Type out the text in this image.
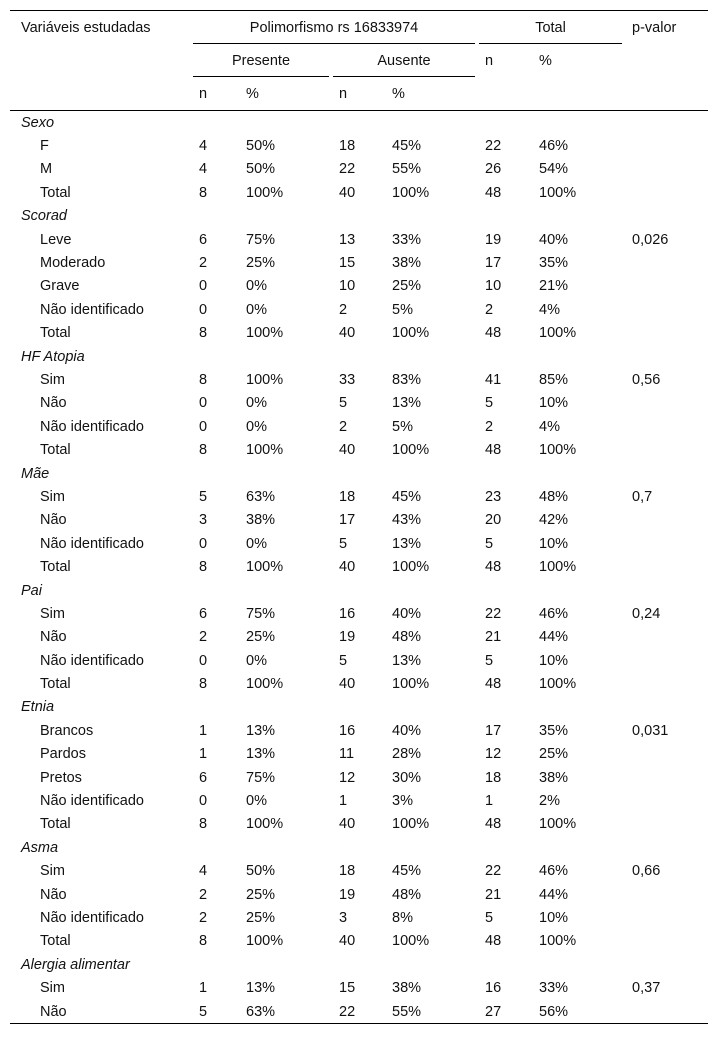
Variáveis estudadas	Polimorfismo rs 16833974				Total		p-valor
	Presente		Ausente		n	%	
	n	%	n	%			
Sexo							
F	4	50%	18	45%	22	46%	
M	4	50%	22	55%	26	54%	
Total	8	100%	40	100%	48	100%	
Scorad							
Leve	6	75%	13	33%	19	40%	0,026
Moderado	2	25%	15	38%	17	35%	
Grave	0	0%	10	25%	10	21%	
Não identificado	0	0%	2	5%	2	4%	
Total	8	100%	40	100%	48	100%	
HF Atopia							
Sim	8	100%	33	83%	41	85%	0,56
Não	0	0%	5	13%	5	10%	
Não identificado	0	0%	2	5%	2	4%	
Total	8	100%	40	100%	48	100%	
Mãe							
Sim	5	63%	18	45%	23	48%	0,7
Não	3	38%	17	43%	20	42%	
Não identificado	0	0%	5	13%	5	10%	
Total	8	100%	40	100%	48	100%	
Pai							
Sim	6	75%	16	40%	22	46%	0,24
Não	2	25%	19	48%	21	44%	
Não identificado	0	0%	5	13%	5	10%	
Total	8	100%	40	100%	48	100%	
Etnia							
Brancos	1	13%	16	40%	17	35%	0,031
Pardos	1	13%	11	28%	12	25%	
Pretos	6	75%	12	30%	18	38%	
Não identificado	0	0%	1	3%	1	2%	
Total	8	100%	40	100%	48	100%	
Asma							
Sim	4	50%	18	45%	22	46%	0,66
Não	2	25%	19	48%	21	44%	
Não identificado	2	25%	3	8%	5	10%	
Total	8	100%	40	100%	48	100%	
Alergia alimentar							
Sim	1	13%	15	38%	16	33%	0,37
Não	5	63%	22	55%	27	56%	
